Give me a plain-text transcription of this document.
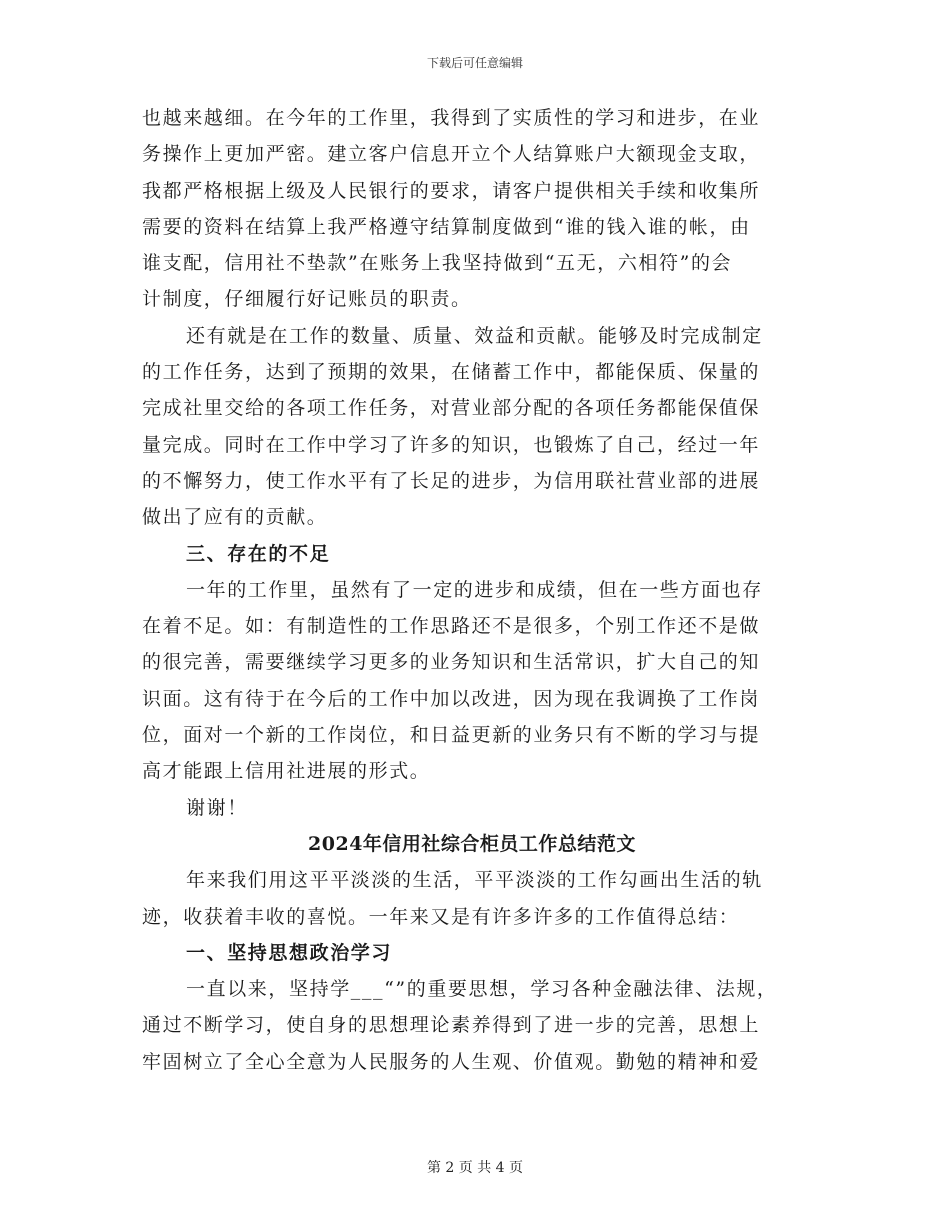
下载后可任意编辑
也越来越细。在今年的工作里，我得到了实质性的学习和进步，在业
务操作上更加严密。建立客户信息开立个人结算账户大额现金支取，
我都严格根据上级及人民银行的要求，请客户提供相关手续和收集所
需要的资料在结算上我严格遵守结算制度做到“谁的钱入谁的帐，由
谁支配，信用社不垫款”在账务上我坚持做到“五无，六相符”的会
计制度，仔细履行好记账员的职责。
还有就是在工作的数量、质量、效益和贡献。能够及时完成制定
的工作任务，达到了预期的效果，在储蓄工作中，都能保质、保量的
完成社里交给的各项工作任务，对营业部分配的各项任务都能保值保
量完成。同时在工作中学习了许多的知识，也锻炼了自己，经过一年
的不懈努力，使工作水平有了长足的进步，为信用联社营业部的进展
做出了应有的贡献。
三、存在的不足
一年的工作里，虽然有了一定的进步和成绩，但在一些方面也存
在着不足。如：有制造性的工作思路还不是很多，个别工作还不是做
的很完善，需要继续学习更多的业务知识和生活常识，扩大自己的知
识面。这有待于在今后的工作中加以改进，因为现在我调换了工作岗
位，面对一个新的工作岗位，和日益更新的业务只有不断的学习与提
高才能跟上信用社进展的形式。
谢谢！
2024年信用社综合柜员工作总结范文
年来我们用这平平淡淡的生活，平平淡淡的工作勾画出生活的轨
迹，收获着丰收的喜悦。一年来又是有许多许多的工作值得总结：
一、坚持思想政治学习
一直以来，坚持学___“”的重要思想，学习各种金融法律、法规，
通过不断学习，使自身的思想理论素养得到了进一步的完善，思想上
牢固树立了全心全意为人民服务的人生观、价值观。勤勉的精神和爱
第 2 页 共 4 页
